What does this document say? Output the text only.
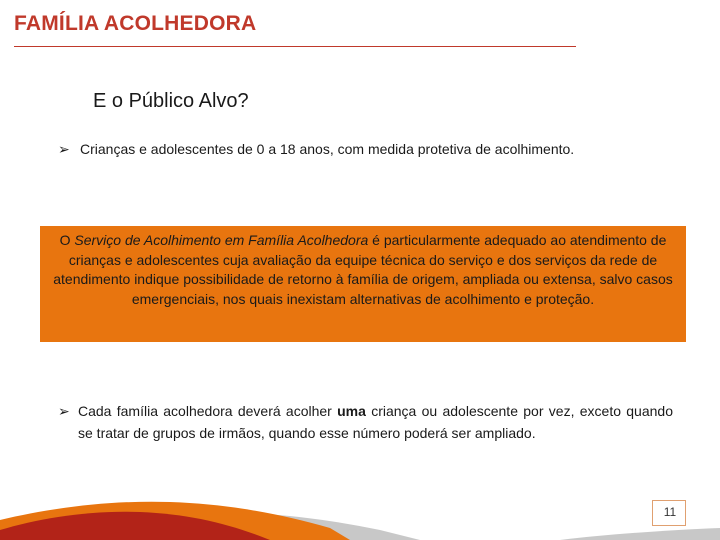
FAMÍLIA ACOLHEDORA
E o Público Alvo?
➢ Crianças e adolescentes de 0 a 18 anos, com medida protetiva de acolhimento.
O Serviço de Acolhimento em Família Acolhedora é particularmente adequado ao atendimento de crianças e adolescentes cuja avaliação da equipe técnica do serviço e dos serviços da rede de atendimento indique possibilidade de retorno à família de origem, ampliada ou extensa, salvo casos emergenciais, nos quais inexistam alternativas de acolhimento e proteção.
➢ Cada família acolhedora deverá acolher uma criança ou adolescente por vez, exceto quando se tratar de grupos de irmãos, quando esse número poderá ser ampliado.
11
